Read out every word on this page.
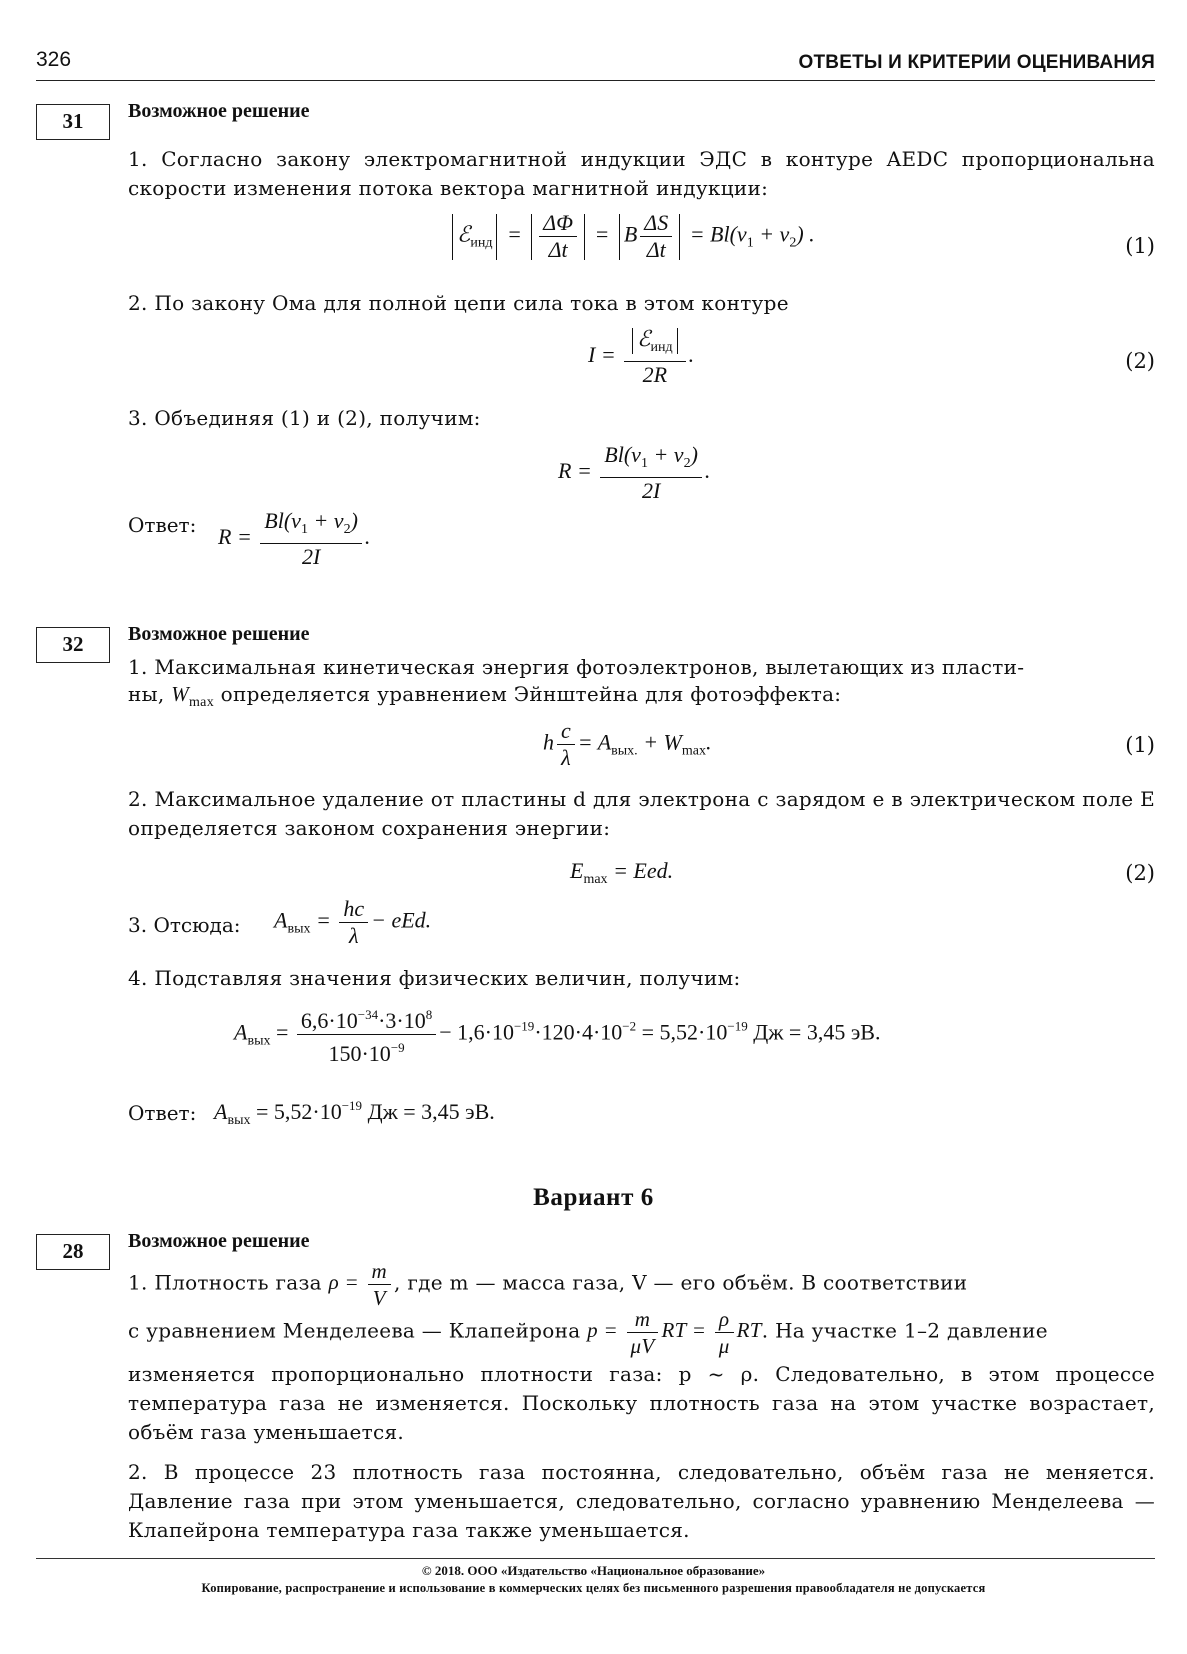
326	ОТВЕТЫ И КРИТЕРИИ ОЦЕНИВАНИЯ
31	Возможное решение
1. Согласно закону электромагнитной индукции ЭДС в контуре AEDC пропорциональна скорости изменения потока вектора магнитной индукции:
ℰ$_{инд}$ = $\frac{\Delta\Phi}{\Delta t} = B \frac{\Delta S}{\Delta t} = Bl(v_1 + v_2)$ .	(1)
2. По закону Ома для полной цепи сила тока в этом контуре
$I = \frac{ℰ_{инд}}{2R}$ .	(2)
3. Объединяя (1) и (2), получим:
$R = \frac{Bl(v_1 + v_2)}{2I}$ .
Ответ: $R = \frac{Bl(v_1 + v_2)}{2I}$ .
32	Возможное решение
1. Максимальная кинетическая энергия фотоэлектронов, вылетающих из пласти-
ны, $W_{max}$ определяется уравнением Эйнштейна для фотоэффекта:
h $\frac{c}{\lambda} = A_{вых.} + W_{max}$.	(1)
2. Максимальное удаление от пластины d для электрона с зарядом e в электрическом поле E определяется законом сохранения энергии:
$E_{max}$ = Eed.	(2)
3. Отсюда: $A_{вых} = \frac{hc}{\lambda}$ − eEd.
4. Подставляя значения физических величин, получим:
$A_{вых} = \frac{6,6\cdot 10^{-34}\cdot 3\cdot 10^8}{150\cdot 10^{-9}} - 1,6\cdot 10^{-19}\cdot 120\cdot 4\cdot 10^{-2} = 5,52\cdot 10^{-19}$ Дж = 3,45 эВ.
Ответ: $A_{вых} = 5,52\cdot 10^{-19}$ Дж = 3,45 эВ.
Вариант 6
28	Возможное решение
1. Плотность газа $\rho = \frac{m}{V}$ , где m — масса газа, V — его объём. В соответствии
с уравнением Менделеева — Клапейрона $p = \frac{m}{\mu V}$ RT = $\frac{\rho}{\mu}$ RT. На участке 1–2 давление
изменяется пропорционально плотности газа: p ~ ρ. Следовательно, в этом процессе температура газа не изменяется. Поскольку плотность газа на этом участке возрастает, объём газа уменьшается.
2. В процессе 23 плотность газа постоянна, следовательно, объём газа не меняется. Давление газа при этом уменьшается, следовательно, согласно уравнению Менделеева — Клапейрона температура газа также уменьшается.
© 2018. ООО «Издательство «Национальное образование»
Копирование, распространение и использование в коммерческих целях без письменного разрешения правообладателя не допускается
